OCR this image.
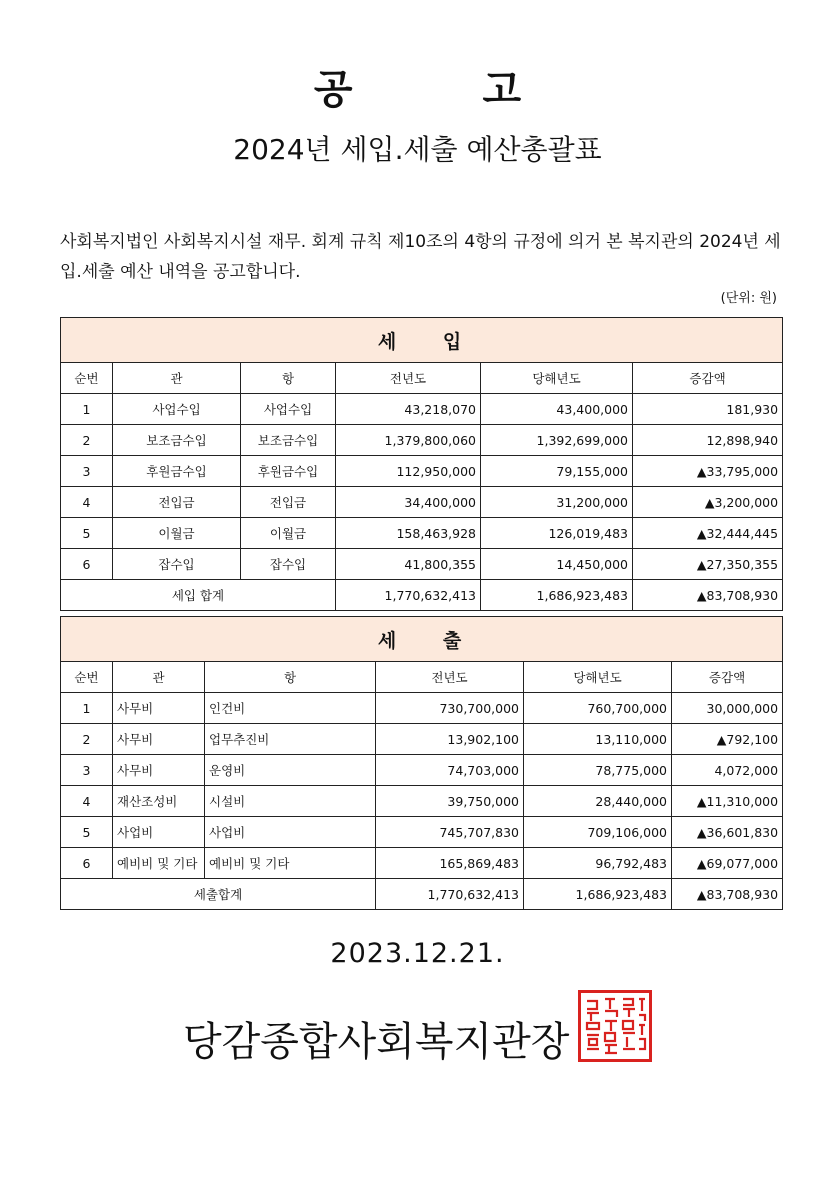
공 고
2024년 세입.세출 예산총괄표
사회복지법인 사회복지시설 재무. 회계 규칙 제10조의 4항의 규정에 의거 본 복지관의 2024년 세입.세출 예산 내역을 공고합니다.
(단위: 원)
세 입					
순번	관	항	전년도	당해년도	증감액
1	사업수입	사업수입	43,218,070	43,400,000	181,930
2	보조금수입	보조금수입	1,379,800,060	1,392,699,000	12,898,940
3	후원금수입	후원금수입	112,950,000	79,155,000	▲33,795,000
4	전입금	전입금	34,400,000	31,200,000	▲3,200,000
5	이월금	이월금	158,463,928	126,019,483	▲32,444,445
6	잡수입	잡수입	41,800,355	14,450,000	▲27,350,355
세입 합계			1,770,632,413	1,686,923,483	▲83,708,930
세 출					
순번	관	항	전년도	당해년도	증감액
1	사무비	인건비	730,700,000	760,700,000	30,000,000
2	사무비	업무추진비	13,902,100	13,110,000	▲792,100
3	사무비	운영비	74,703,000	78,775,000	4,072,000
4	재산조성비	시설비	39,750,000	28,440,000	▲11,310,000
5	사업비	사업비	745,707,830	709,106,000	▲36,601,830
6	예비비 및 기타	예비비 및 기타	165,869,483	96,792,483	▲69,077,000
세출합계			1,770,632,413	1,686,923,483	▲83,708,930
2023.12.21.
당감종합사회복지관장
